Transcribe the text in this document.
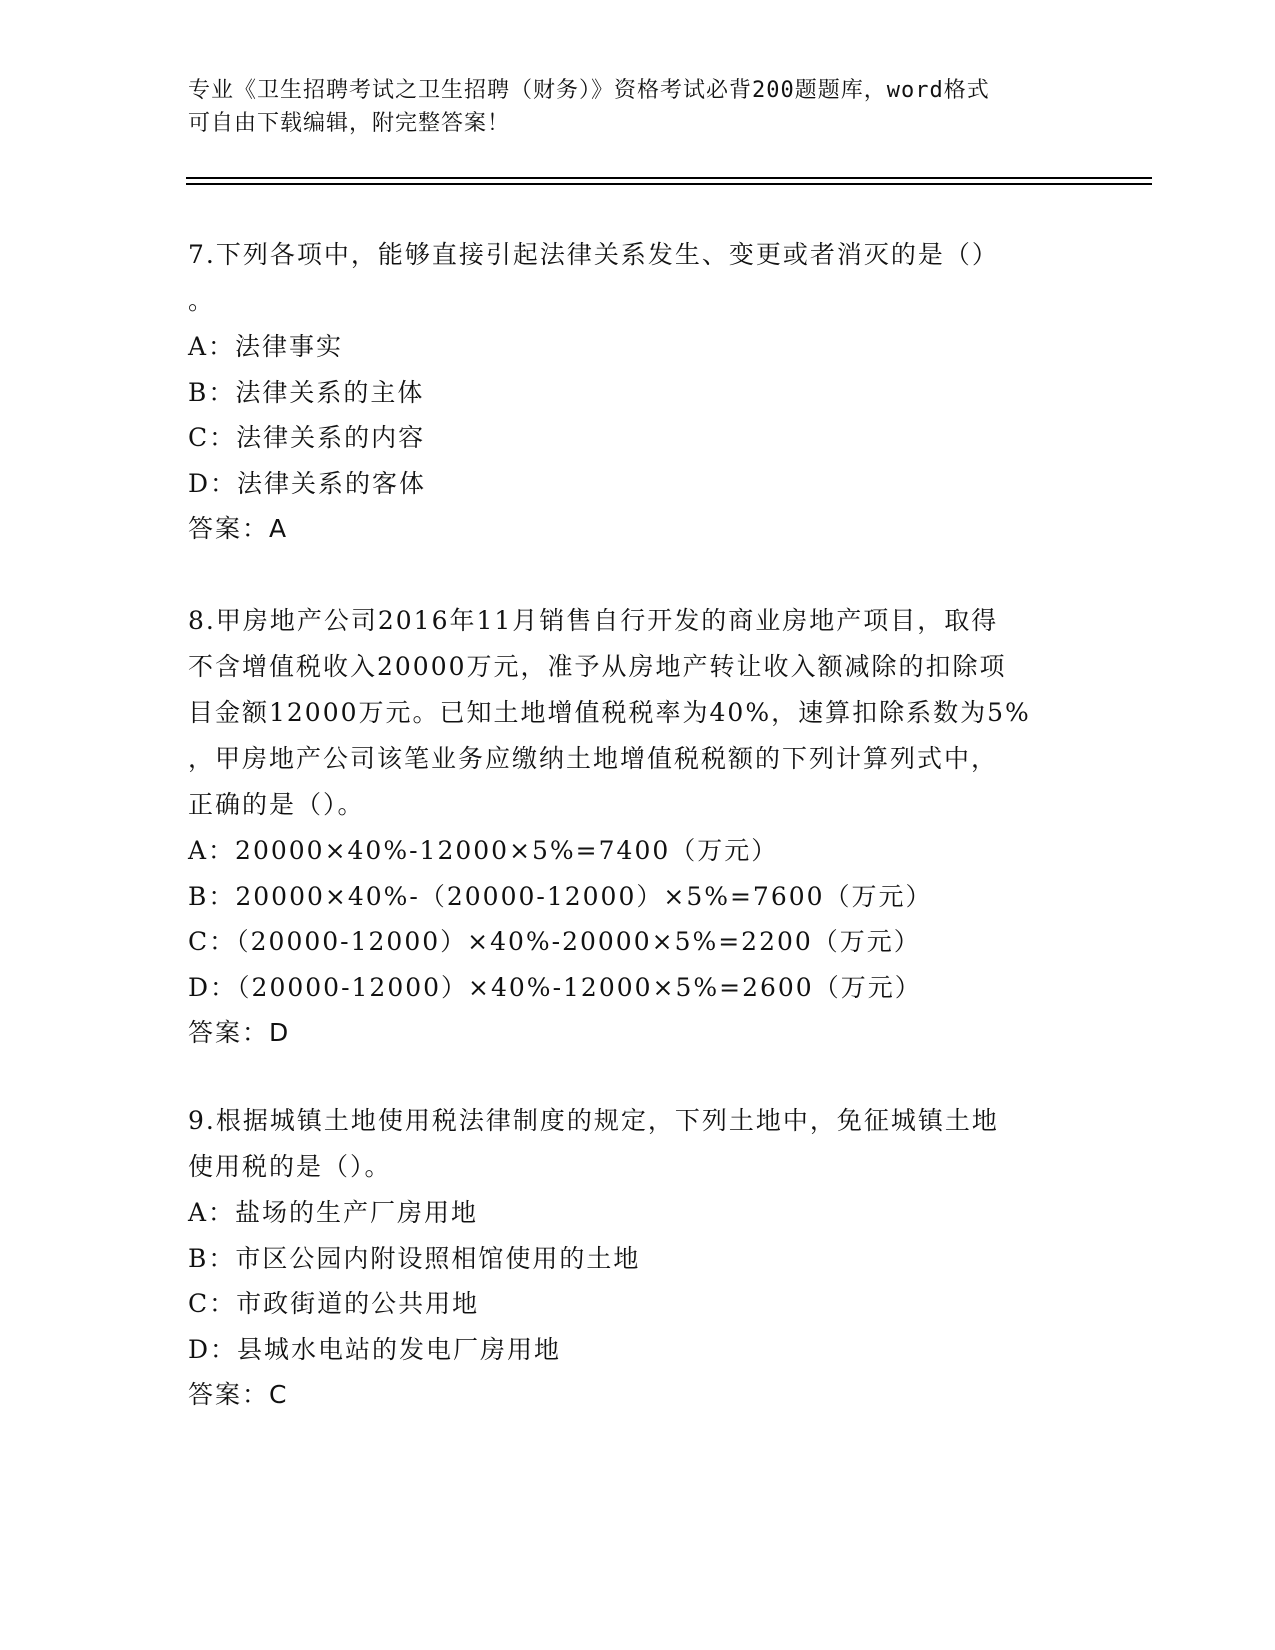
专业《卫生招聘考试之卫生招聘（财务）》资格考试必背200题题库，word格式
可自由下载编辑，附完整答案！
7.下列各项中，能够直接引起法律关系发生、变更或者消灭的是（）
。
A：法律事实
B：法律关系的主体
C：法律关系的内容
D：法律关系的客体
答案：A
8.甲房地产公司2016年11月销售自行开发的商业房地产项目，取得
不含增值税收入20000万元，准予从房地产转让收入额减除的扣除项
目金额12000万元。已知土地增值税税率为40%，速算扣除系数为5%
，甲房地产公司该笔业务应缴纳土地增值税税额的下列计算列式中，
正确的是（）。
A：20000×40%-12000×5%=7400（万元）
B：20000×40%-（20000-12000）×5%=7600（万元）
C：（20000-12000）×40%-20000×5%=2200（万元）
D：（20000-12000）×40%-12000×5%=2600（万元）
答案：D
9.根据城镇土地使用税法律制度的规定，下列土地中，免征城镇土地
使用税的是（）。
A：盐场的生产厂房用地
B：市区公园内附设照相馆使用的土地
C：市政街道的公共用地
D：县城水电站的发电厂房用地
答案：C
